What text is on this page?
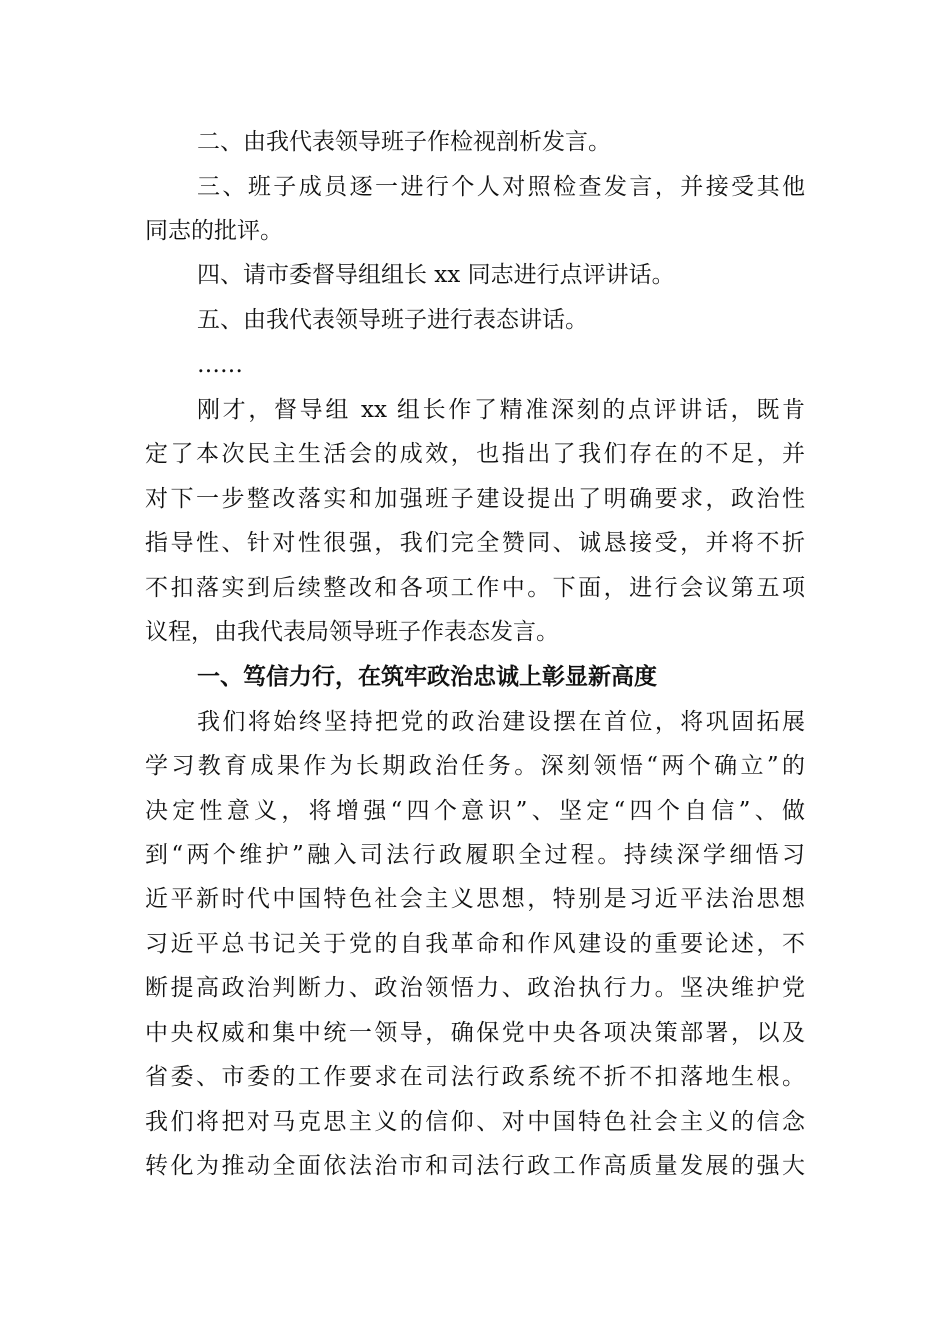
二、由我代表领导班子作检视剖析发言。
三、班子成员逐一进行个人对照检查发言，并接受其他
同志的批评。
四、请市委督导组组长 xx 同志进行点评讲话。
五、由我代表领导班子进行表态讲话。
……
刚才，督导组 xx 组长作了精准深刻的点评讲话，既肯
定了本次民主生活会的成效，也指出了我们存在的不足，并
对下一步整改落实和加强班子建设提出了明确要求，政治性
指导性、针对性很强，我们完全赞同、诚恳接受，并将不折
不扣落实到后续整改和各项工作中。下面，进行会议第五项
议程，由我代表局领导班子作表态发言。
一、笃信力行，在筑牢政治忠诚上彰显新高度
我们将始终坚持把党的政治建设摆在首位，将巩固拓展
学习教育成果作为长期政治任务。深刻领悟“两个确立”的
决定性意义，将增强“四个意识”、坚定“四个自信”、做
到“两个维护”融入司法行政履职全过程。持续深学细悟习
近平新时代中国特色社会主义思想，特别是习近平法治思想
习近平总书记关于党的自我革命和作风建设的重要论述，不
断提高政治判断力、政治领悟力、政治执行力。坚决维护党
中央权威和集中统一领导，确保党中央各项决策部署，以及
省委、市委的工作要求在司法行政系统不折不扣落地生根。
我们将把对马克思主义的信仰、对中国特色社会主义的信念
转化为推动全面依法治市和司法行政工作高质量发展的强大
